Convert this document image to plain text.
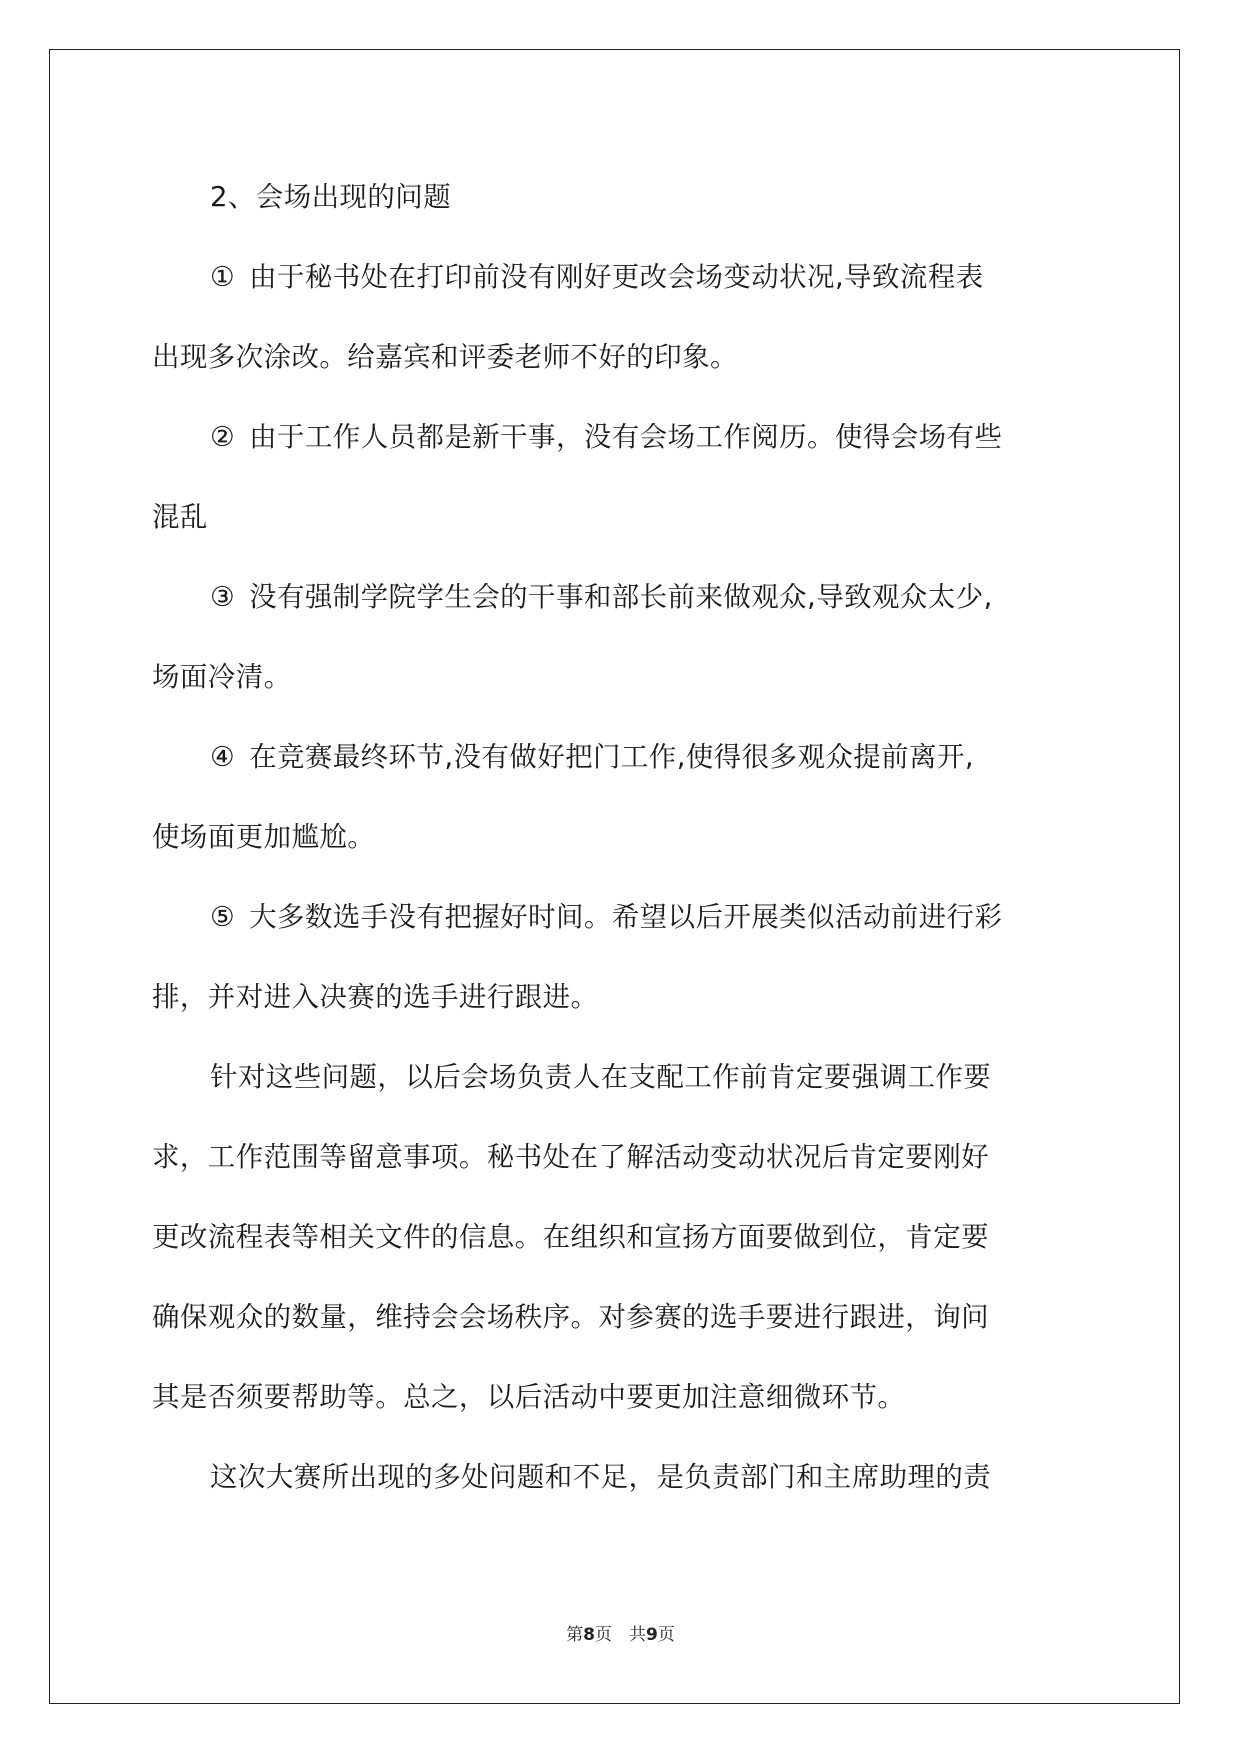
2、会场出现的问题
① 由于秘书处在打印前没有刚好更改会场变动状况,导致流程表
出现多次涂改。给嘉宾和评委老师不好的印象。
② 由于工作人员都是新干事，没有会场工作阅历。使得会场有些
混乱
③ 没有强制学院学生会的干事和部长前来做观众,导致观众太少,
场面冷清。
④ 在竞赛最终环节,没有做好把门工作,使得很多观众提前离开,
使场面更加尴尬。
⑤ 大多数选手没有把握好时间。希望以后开展类似活动前进行彩
排，并对进入决赛的选手进行跟进。
针对这些问题，以后会场负责人在支配工作前肯定要强调工作要
求，工作范围等留意事项。秘书处在了解活动变动状况后肯定要刚好
更改流程表等相关文件的信息。在组织和宣扬方面要做到位，肯定要
确保观众的数量，维持会会场秩序。对参赛的选手要进行跟进，询问
其是否须要帮助等。总之，以后活动中要更加注意细微环节。
这次大赛所出现的多处问题和不足，是负责部门和主席助理的责
第8页　共9页
